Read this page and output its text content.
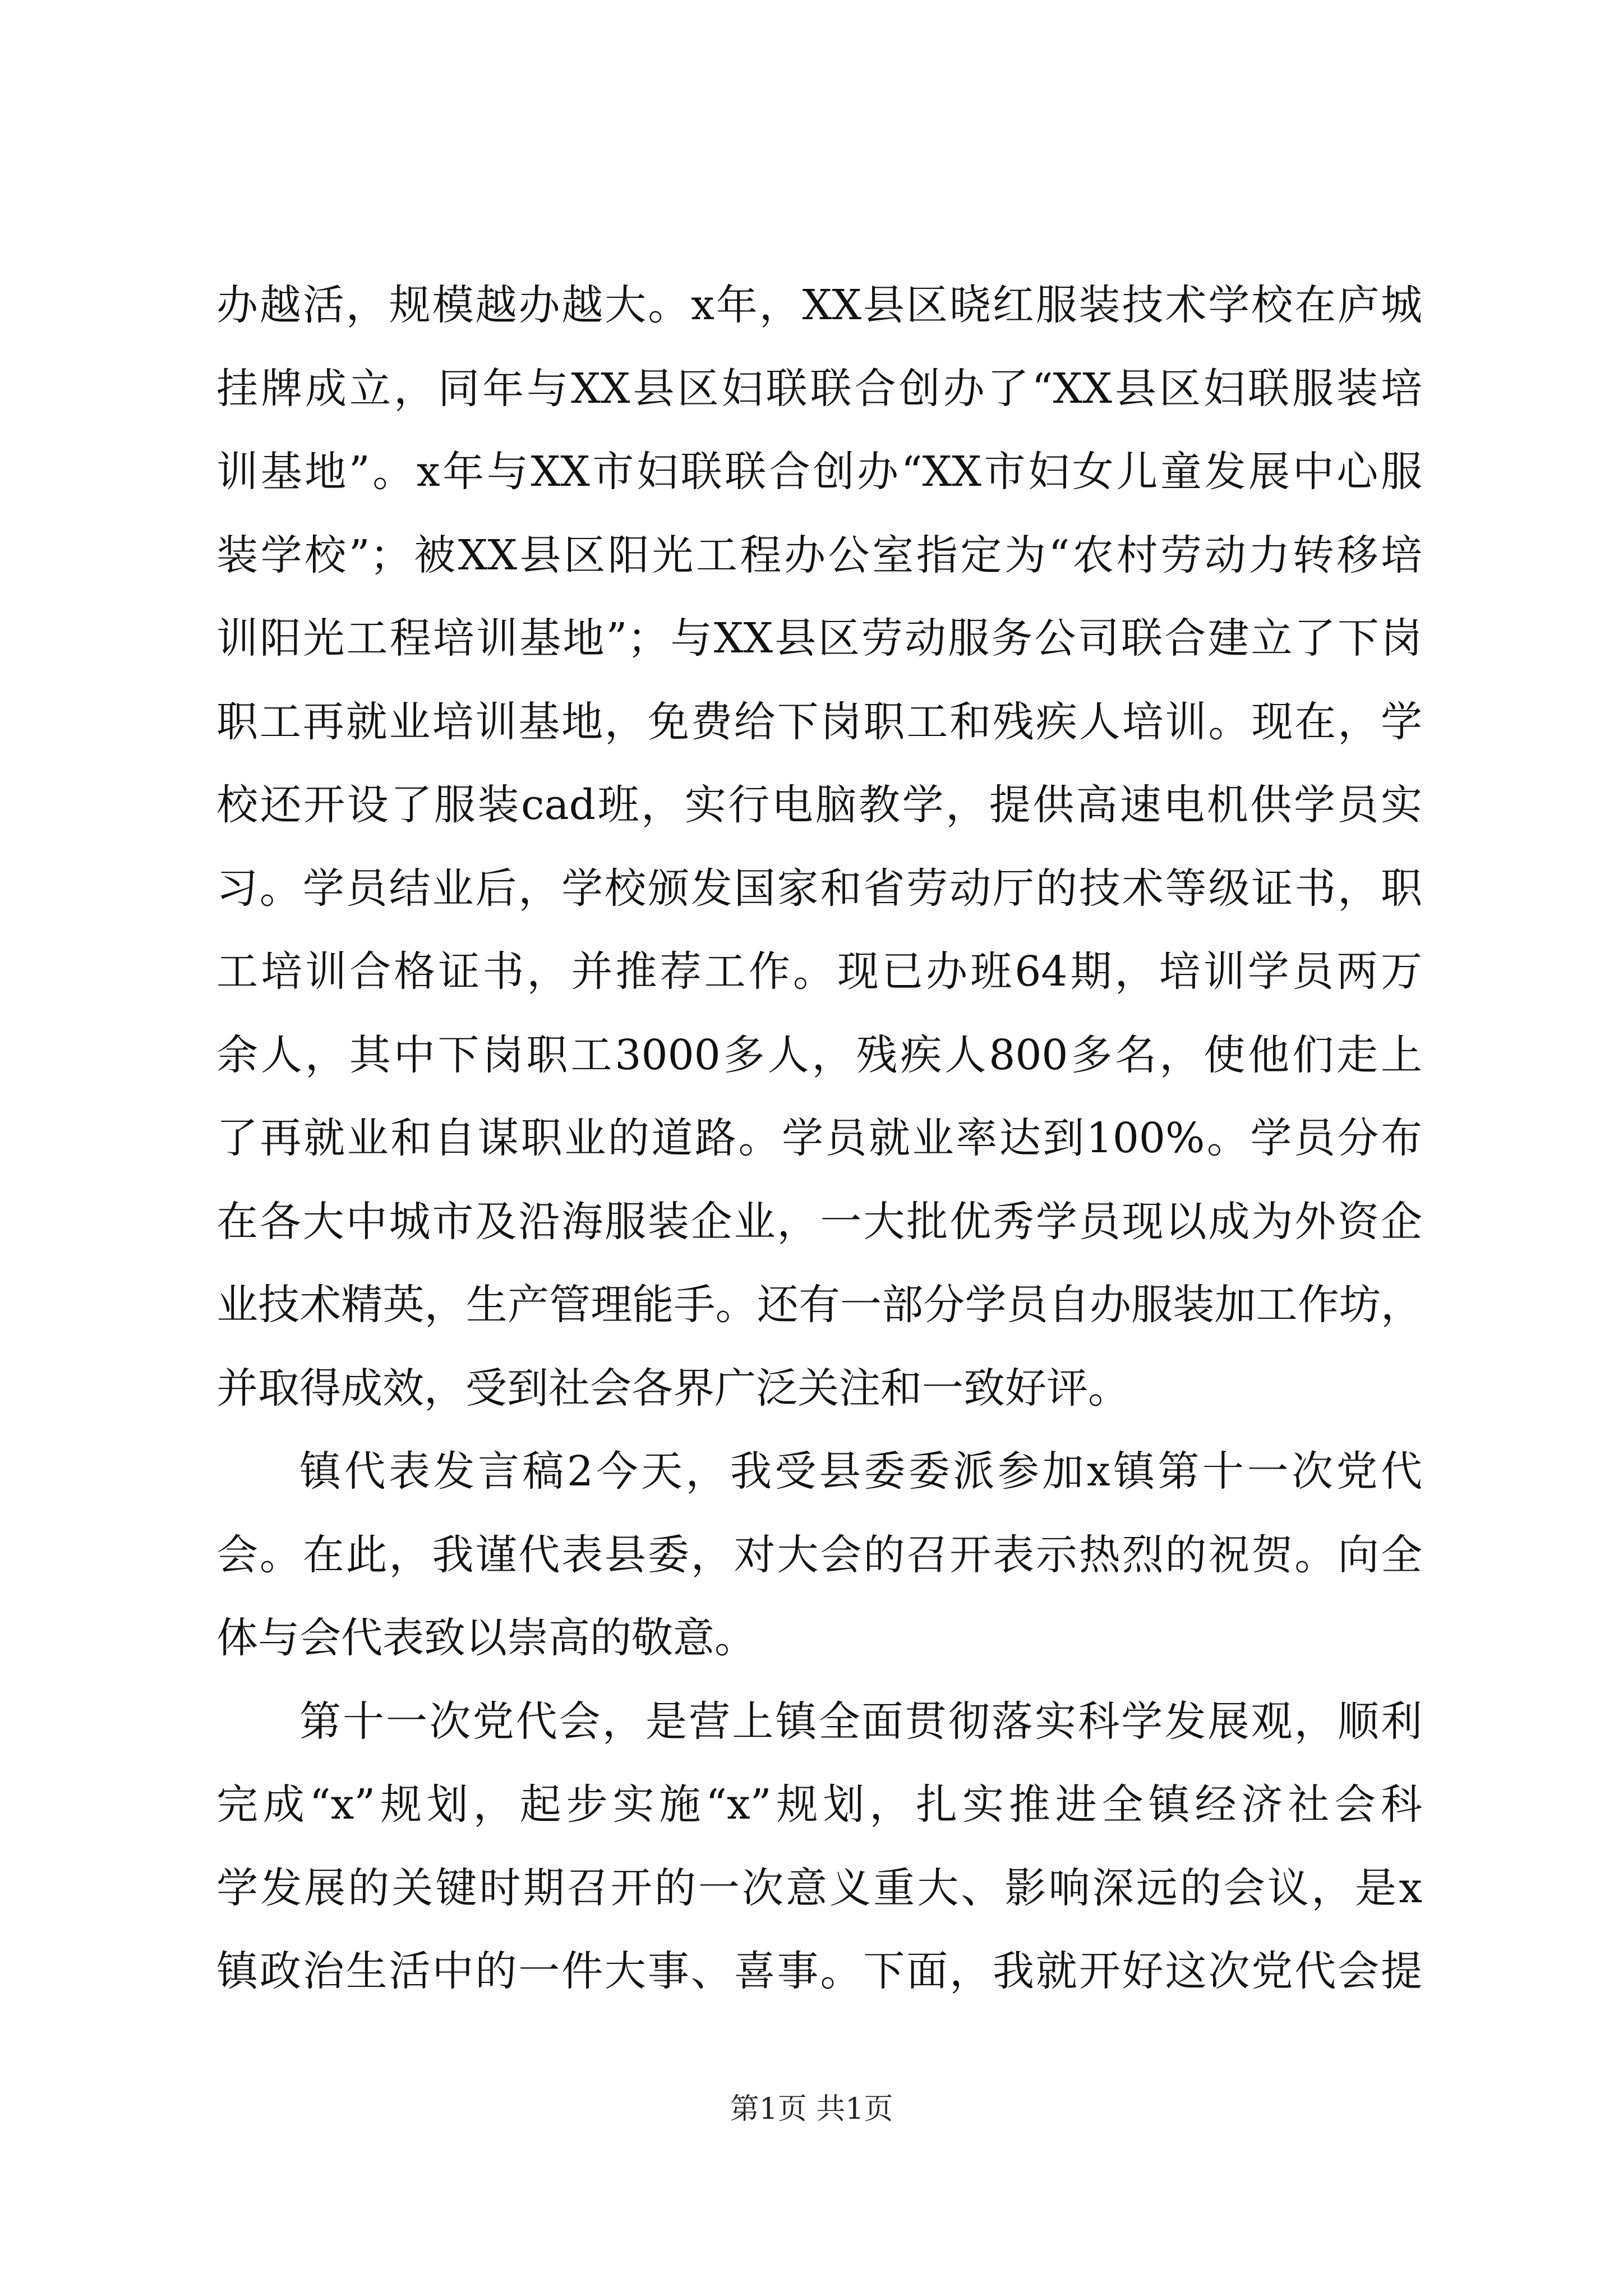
办越活，规模越办越大。x年，XX县区晓红服装技术学校在庐城
挂牌成立，同年与XX县区妇联联合创办了“XX县区妇联服装培
训基地”。x年与XX市妇联联合创办“XX市妇女儿童发展中心服
装学校”；被XX县区阳光工程办公室指定为“农村劳动力转移培
训阳光工程培训基地”；与XX县区劳动服务公司联合建立了下岗
职工再就业培训基地，免费给下岗职工和残疾人培训。现在，学
校还开设了服装cad班，实行电脑教学，提供高速电机供学员实
习。学员结业后，学校颁发国家和省劳动厅的技术等级证书，职
工培训合格证书，并推荐工作。现已办班64期，培训学员两万
余人，其中下岗职工3000多人，残疾人800多名，使他们走上
了再就业和自谋职业的道路。学员就业率达到100%。学员分布
在各大中城市及沿海服装企业，一大批优秀学员现以成为外资企
业技术精英，生产管理能手。还有一部分学员自办服装加工作坊，
并取得成效，受到社会各界广泛关注和一致好评。
镇代表发言稿2今天，我受县委委派参加x镇第十一次党代
会。在此，我谨代表县委，对大会的召开表示热烈的祝贺。向全
体与会代表致以崇高的敬意。
第十一次党代会，是营上镇全面贯彻落实科学发展观，顺利
完成“x”规划，起步实施“x”规划，扎实推进全镇经济社会科
学发展的关键时期召开的一次意义重大、影响深远的会议，是x
镇政治生活中的一件大事、喜事。下面，我就开好这次党代会提
第1页 共1页
